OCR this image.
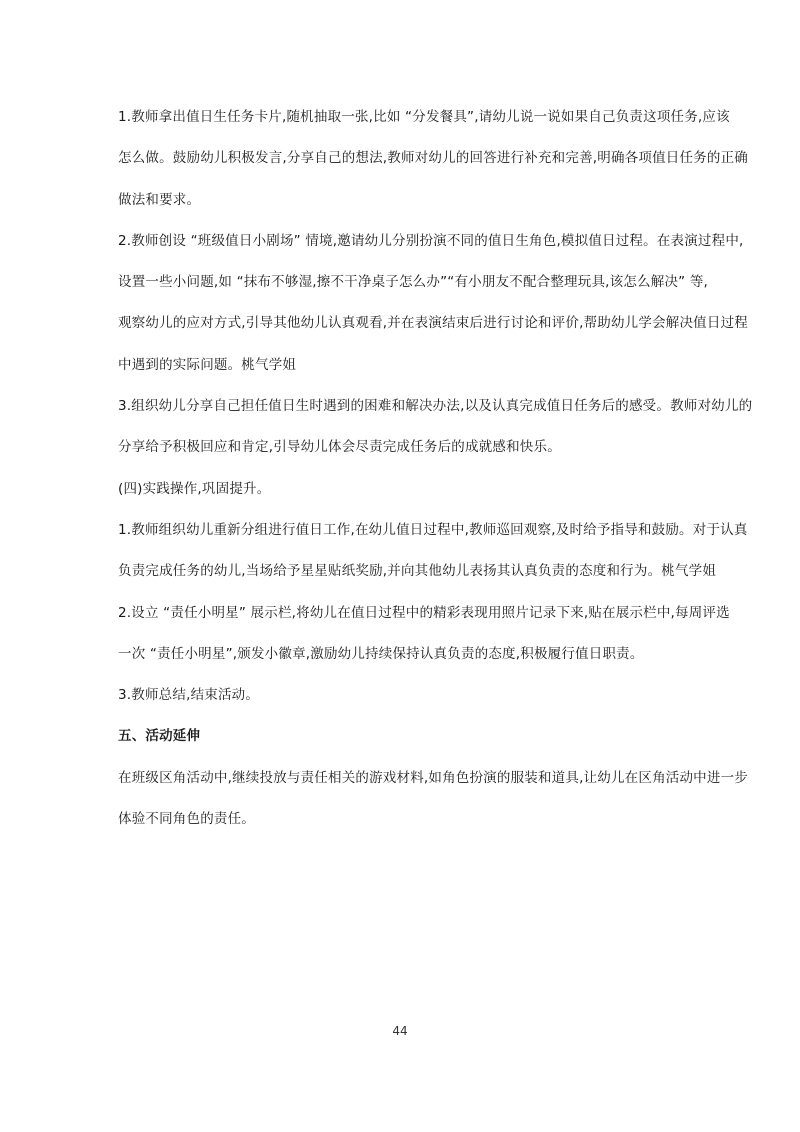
1.教师拿出值日生任务卡片,随机抽取一张,比如 “分发餐具”,请幼儿说一说如果自己负责这项任务,应该
怎么做。鼓励幼儿积极发言,分享自己的想法,教师对幼儿的回答进行补充和完善,明确各项值日任务的正确
做法和要求。
2.教师创设 “班级值日小剧场” 情境,邀请幼儿分别扮演不同的值日生角色,模拟值日过程。在表演过程中,
设置一些小问题,如 “抹布不够湿,擦不干净桌子怎么办”“有小朋友不配合整理玩具,该怎么解决” 等,
观察幼儿的应对方式,引导其他幼儿认真观看,并在表演结束后进行讨论和评价,帮助幼儿学会解决值日过程
中遇到的实际问题。桃气学姐
3.组织幼儿分享自己担任值日生时遇到的困难和解决办法,以及认真完成值日任务后的感受。教师对幼儿的
分享给予积极回应和肯定,引导幼儿体会尽责完成任务后的成就感和快乐。
(四)实践操作,巩固提升。
1.教师组织幼儿重新分组进行值日工作,在幼儿值日过程中,教师巡回观察,及时给予指导和鼓励。对于认真
负责完成任务的幼儿,当场给予星星贴纸奖励,并向其他幼儿表扬其认真负责的态度和行为。桃气学姐
2.设立 “责任小明星” 展示栏,将幼儿在值日过程中的精彩表现用照片记录下来,贴在展示栏中,每周评选
一次 “责任小明星”,颁发小徽章,激励幼儿持续保持认真负责的态度,积极履行值日职责。
3.教师总结,结束活动。
五、活动延伸
在班级区角活动中,继续投放与责任相关的游戏材料,如角色扮演的服装和道具,让幼儿在区角活动中进一步
体验不同角色的责任。
44
